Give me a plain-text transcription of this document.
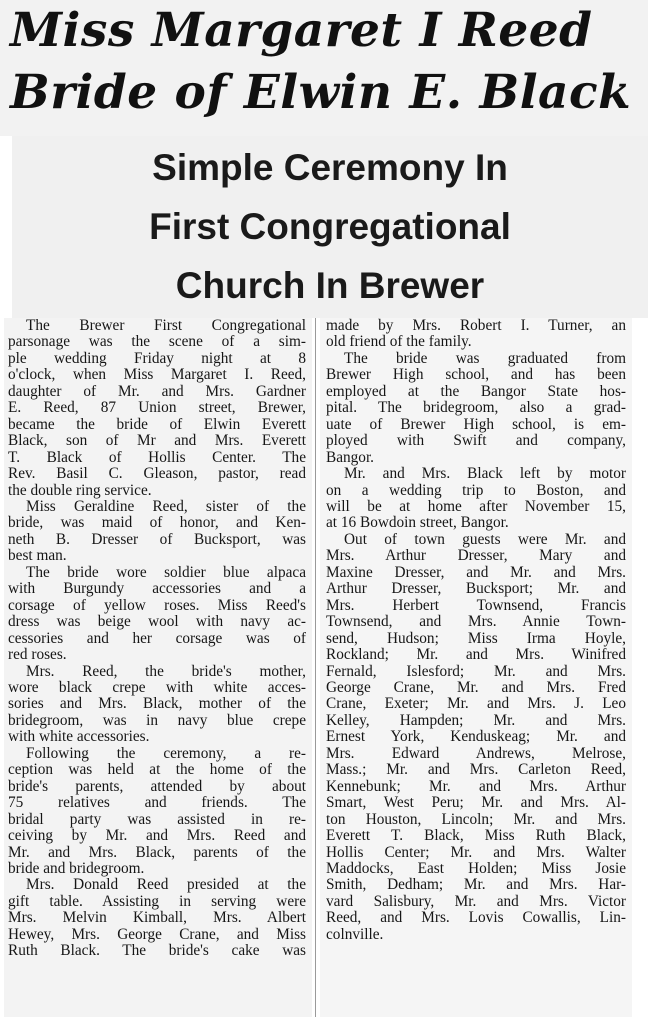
Miss Margaret I Reed
Bride of Elwin E. Black
Simple Ceremony In
First Congregational
Church In Brewer
The Brewer First Congregational
parsonage was the scene of a sim-
ple wedding Friday night at 8
o'clock, when Miss Margaret I. Reed,
daughter of Mr. and Mrs. Gardner
E. Reed, 87 Union street, Brewer,
became the bride of Elwin Everett
Black, son of Mr and Mrs. Everett
T. Black of Hollis Center. The
Rev. Basil C. Gleason, pastor, read
the double ring service.
Miss Geraldine Reed, sister of the
bride, was maid of honor, and Ken-
neth B. Dresser of Bucksport, was
best man.
The bride wore soldier blue alpaca
with Burgundy accessories and a
corsage of yellow roses. Miss Reed's
dress was beige wool with navy ac-
cessories and her corsage was of
red roses.
Mrs. Reed, the bride's mother,
wore black crepe with white acces-
sories and Mrs. Black, mother of the
bridegroom, was in navy blue crepe
with white accessories.
Following the ceremony, a re-
ception was held at the home of the
bride's parents, attended by about
75 relatives and friends. The
bridal party was assisted in re-
ceiving by Mr. and Mrs. Reed and
Mr. and Mrs. Black, parents of the
bride and bridegroom.
Mrs. Donald Reed presided at the
gift table. Assisting in serving were
Mrs. Melvin Kimball, Mrs. Albert
Hewey, Mrs. George Crane, and Miss
Ruth Black. The bride's cake was
made by Mrs. Robert I. Turner, an
old friend of the family.
The bride was graduated from
Brewer High school, and has been
employed at the Bangor State hos-
pital. The bridegroom, also a grad-
uate of Brewer High school, is em-
ployed with Swift and company,
Bangor.
Mr. and Mrs. Black left by motor
on a wedding trip to Boston, and
will be at home after November 15,
at 16 Bowdoin street, Bangor.
Out of town guests were Mr. and
Mrs. Arthur Dresser, Mary and
Maxine Dresser, and Mr. and Mrs.
Arthur Dresser, Bucksport; Mr. and
Mrs. Herbert Townsend, Francis
Townsend, and Mrs. Annie Town-
send, Hudson; Miss Irma Hoyle,
Rockland; Mr. and Mrs. Winifred
Fernald, Islesford; Mr. and Mrs.
George Crane, Mr. and Mrs. Fred
Crane, Exeter; Mr. and Mrs. J. Leo
Kelley, Hampden; Mr. and Mrs.
Ernest York, Kenduskeag; Mr. and
Mrs. Edward Andrews, Melrose,
Mass.; Mr. and Mrs. Carleton Reed,
Kennebunk; Mr. and Mrs. Arthur
Smart, West Peru; Mr. and Mrs. Al-
ton Houston, Lincoln; Mr. and Mrs.
Everett T. Black, Miss Ruth Black,
Hollis Center; Mr. and Mrs. Walter
Maddocks, East Holden; Miss Josie
Smith, Dedham; Mr. and Mrs. Har-
vard Salisbury, Mr. and Mrs. Victor
Reed, and Mrs. Lovis Cowallis, Lin-
colnville.
